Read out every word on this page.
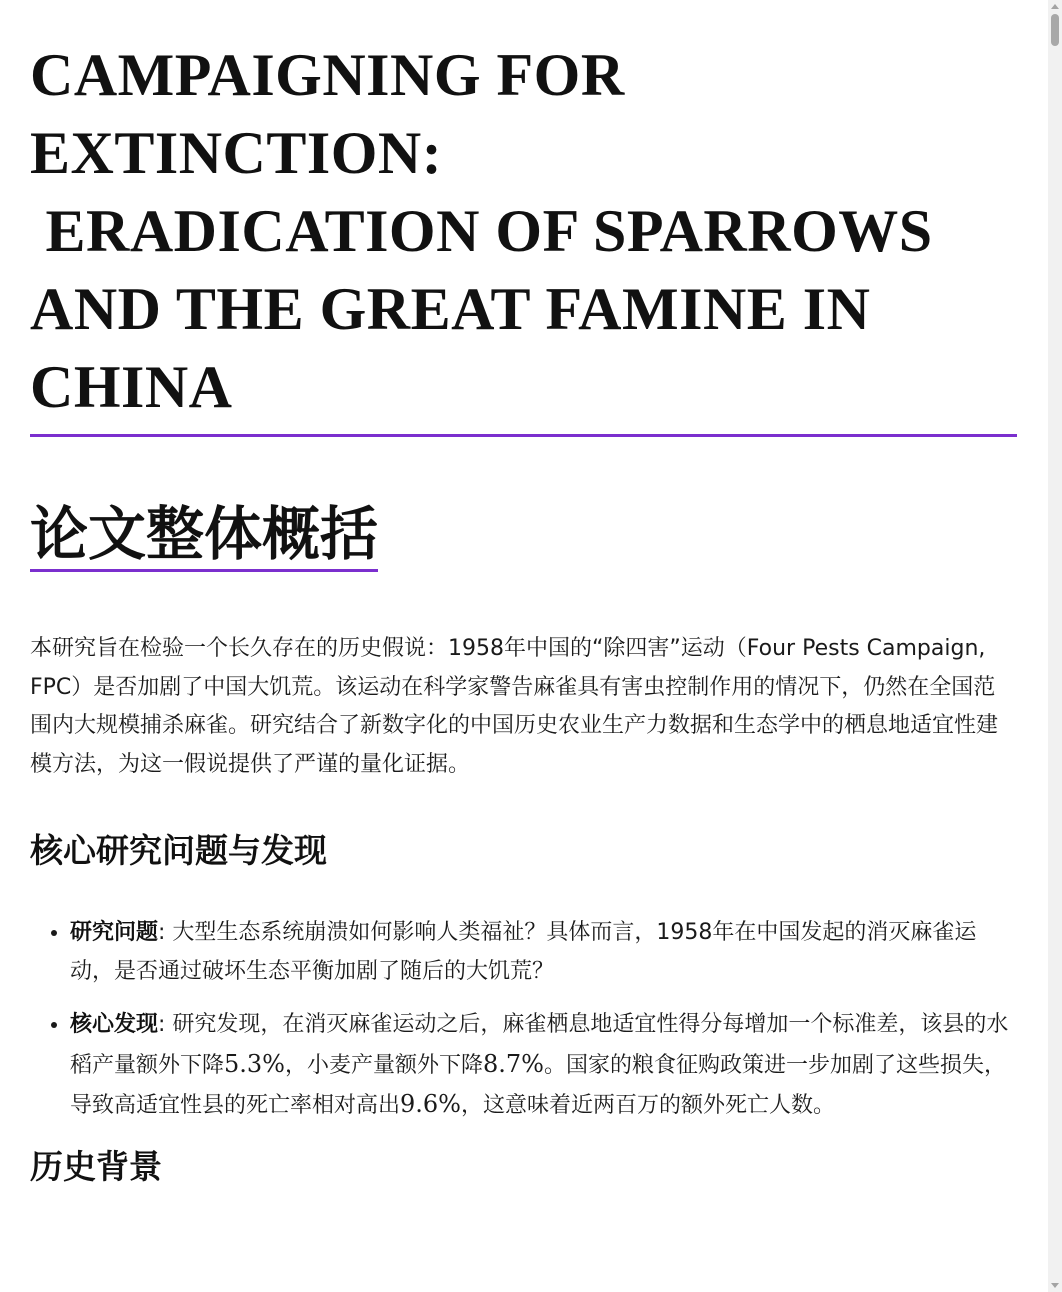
CAMPAIGNING FOR
EXTINCTION:
ERADICATION OF SPARROWS
AND THE GREAT FAMINE IN
CHINA
论文整体概括

本研究旨在检验一个长久存在的历史假说：1958年中国的“除四害”运动（Four Pests Campaign, FPC）是否加剧了中国大饥荒。该运动在科学家警告麻雀具有害虫控制作用的情况下，仍然在全国范围内大规模捕杀麻雀。研究结合了新数字化的中国历史农业生产力数据和生态学中的栖息地适宜性建模方法，为这一假说提供了严谨的量化证据。

核心研究问题与发现
• 研究问题: 大型生态系统崩溃如何影响人类福祉？具体而言，1958年在中国发起的消灭麻雀运动，是否通过破坏生态平衡加剧了随后的大饥荒？
• 核心发现: 研究发现，在消灭麻雀运动之后，麻雀栖息地适宜性得分每增加一个标准差，该县的水稻产量额外下降5.3%，小麦产量额外下降8.7%。国家的粮食征购政策进一步加剧了这些损失，导致高适宜性县的死亡率相对高出9.6%，这意味着近两百万的额外死亡人数。
历史背景
